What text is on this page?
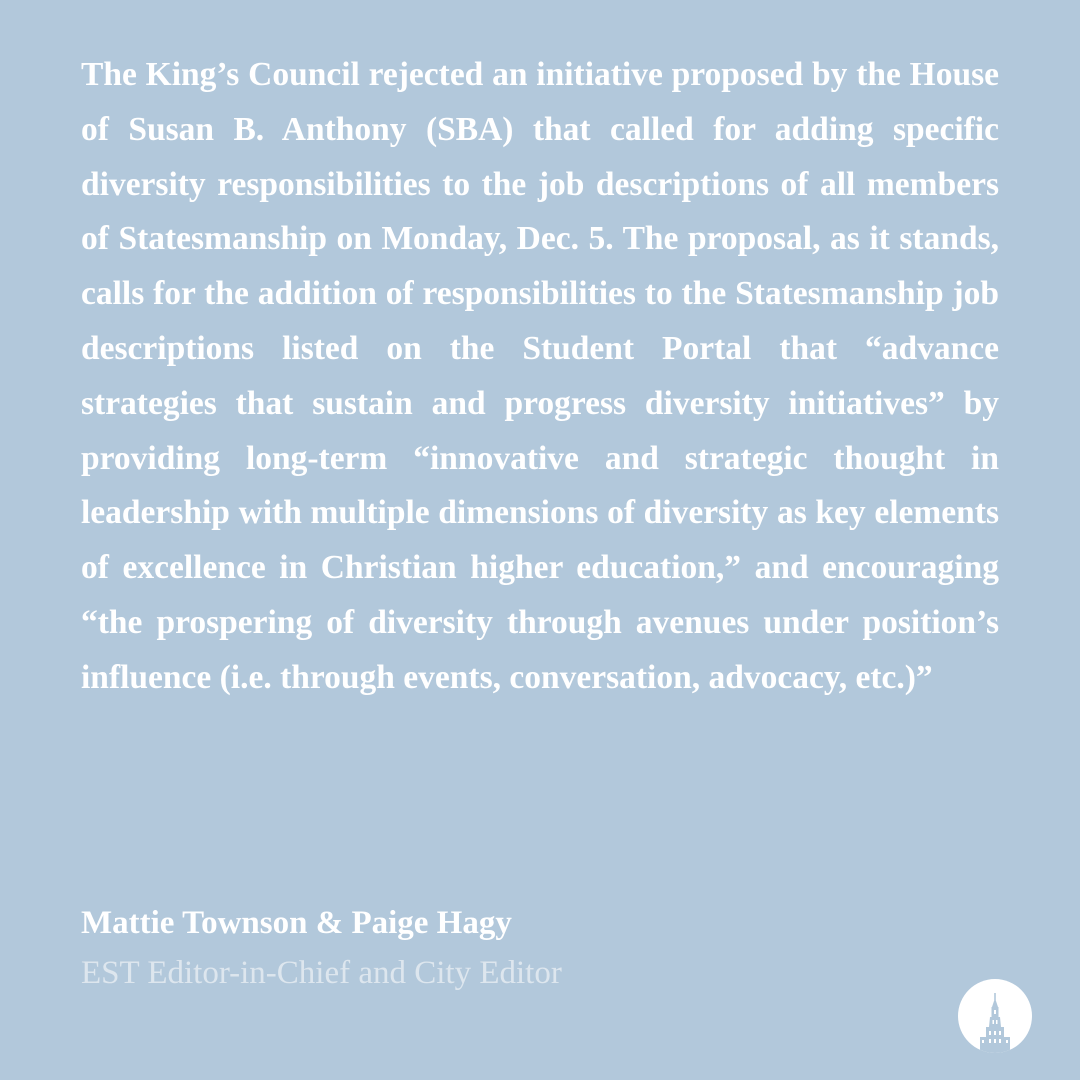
The King’s Council rejected an initiative proposed by the House of Susan B. Anthony (SBA) that called for adding specific diversity responsibilities to the job descriptions of all members of Statesmanship on Monday, Dec. 5. The proposal, as it stands, calls for the addition of responsibilities to the Statesmanship job descriptions listed on the Student Portal that “advance strategies that sustain and progress diversity initiatives” by providing long-term “innovative and strategic thought in leadership with multiple dimensions of diversity as key elements of excellence in Christian higher education,” and encouraging “the prospering of diversity through avenues under position’s influence (i.e. through events, conversation, advocacy, etc.)”

Mattie Townson & Paige Hagy

EST Editor-in-Chief and City Editor
